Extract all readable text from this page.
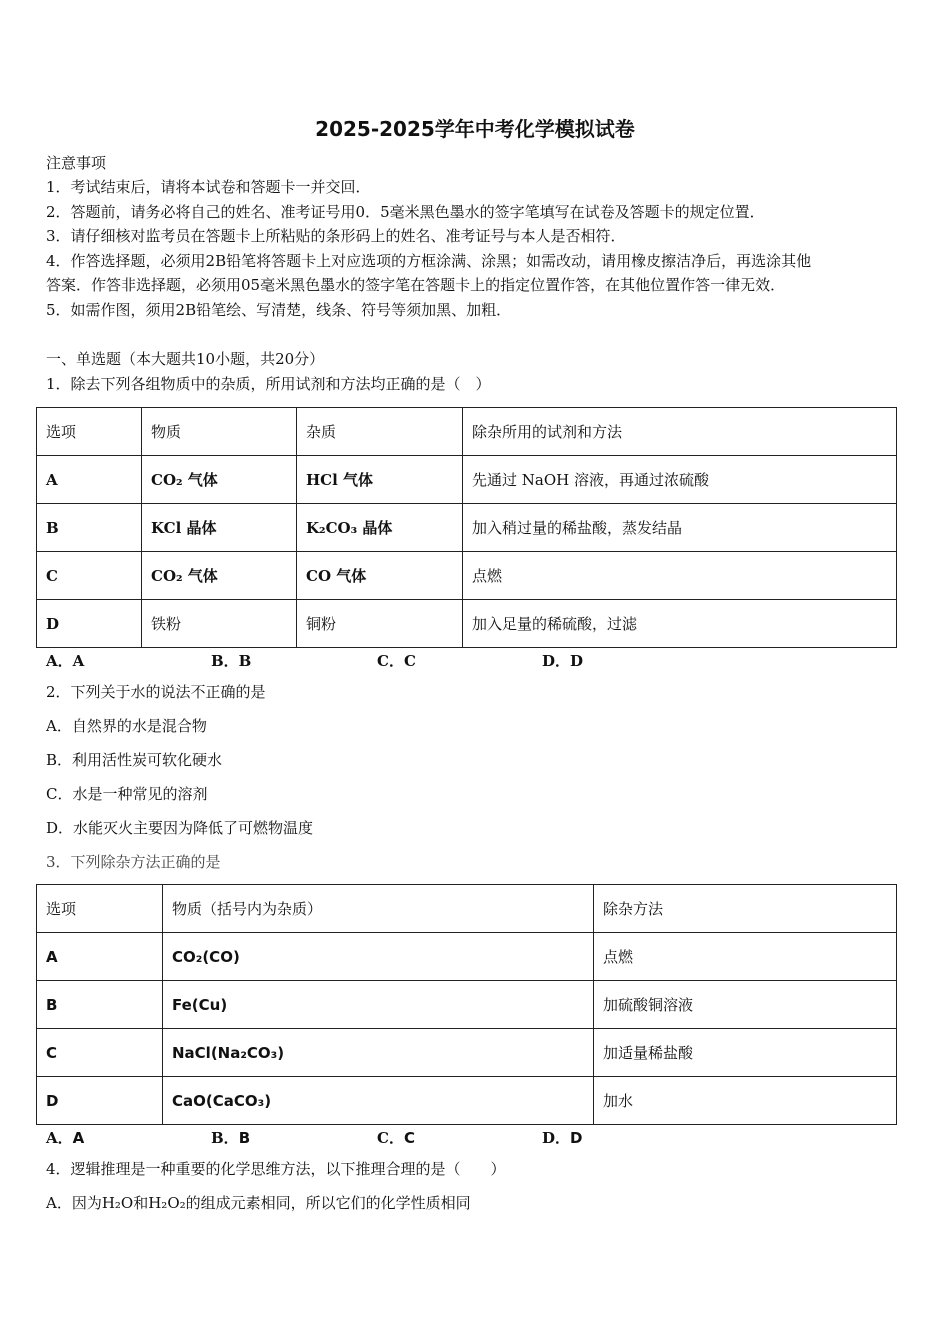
2025-2025学年中考化学模拟试卷
注意事项
1．考试结束后，请将本试卷和答题卡一并交回．
2．答题前，请务必将自己的姓名、准考证号用0．5毫米黑色墨水的签字笔填写在试卷及答题卡的规定位置．
3．请仔细核对监考员在答题卡上所粘贴的条形码上的姓名、准考证号与本人是否相符．
4．作答选择题，必须用2B铅笔将答题卡上对应选项的方框涂满、涂黑；如需改动，请用橡皮擦洁净后，再选涂其他
答案．作答非选择题，必须用05毫米黑色墨水的签字笔在答题卡上的指定位置作答，在其他位置作答一律无效．
5．如需作图，须用2B铅笔绘、写清楚，线条、符号等须加黑、加粗．
一、单选题（本大题共10小题，共20分）
1．除去下列各组物质中的杂质，所用试剂和方法均正确的是（　）
选项	物质	杂质	除杂所用的试剂和方法
A	CO₂ 气体	HCl 气体	先通过 NaOH 溶液，再通过浓硫酸
B	KCl 晶体	K₂CO₃ 晶体	加入稍过量的稀盐酸，蒸发结晶
C	CO₂ 气体	CO 气体	点燃
D	铁粉	铜粉	加入足量的稀硫酸，过滤
A．A	B．B	C．C	D．D
2．下列关于水的说法不正确的是
A．自然界的水是混合物
B．利用活性炭可软化硬水
C．水是一种常见的溶剂
D．水能灭火主要因为降低了可燃物温度
3．下列除杂方法正确的是
选项	物质（括号内为杂质）	除杂方法
A	CO₂(CO)	点燃
B	Fe(Cu)	加硫酸铜溶液
C	NaCl(Na₂CO₃)	加适量稀盐酸
D	CaO(CaCO₃)	加水
A．A	B．B	C．C	D．D
4．逻辑推理是一种重要的化学思维方法，以下推理合理的是（　　）
A．因为H₂O和H₂O₂的组成元素相同，所以它们的化学性质相同
